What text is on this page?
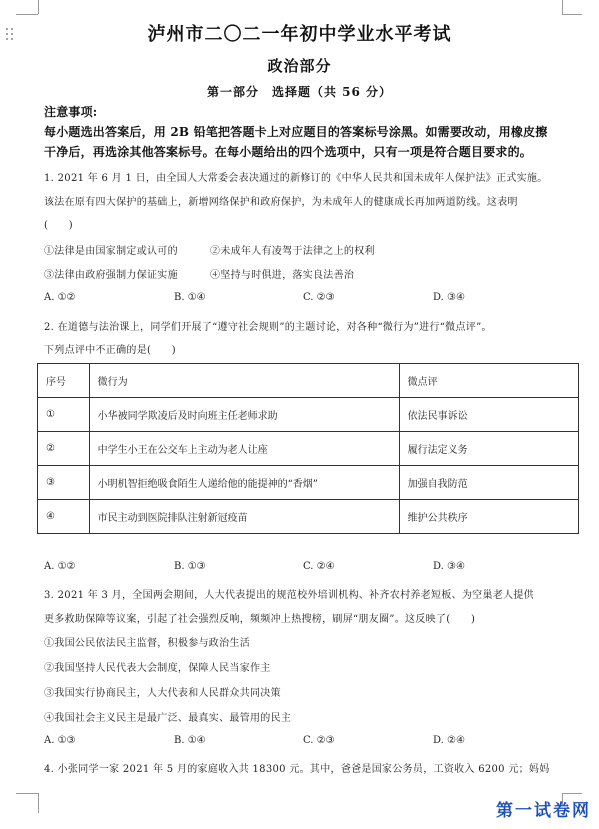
泸州市二〇二一年初中学业水平考试
政治部分
第一部分　选择题（共 56 分）
注意事项:
每小题选出答案后，用 2B 铅笔把答题卡上对应题目的答案标号涂黑。如需要改动，用橡皮擦
干净后，再选涂其他答案标号。在每小题给出的四个选项中，只有一项是符合题目要求的。
1. 2021 年 6 月 1 日，由全国人大常委会表决通过的新修订的《中华人民共和国未成年人保护法》正式实施。
该法在原有四大保护的基础上，新增网络保护和政府保护，为未成年人的健康成长再加两道防线。这表明
(　　)
①法律是由国家制定或认可的	②未成年人有凌驾于法律之上的权利
③法律由政府强制力保证实施	④坚持与时俱进，落实良法善治
A. ①②	B. ①④	C. ②③	D. ③④
2. 在道德与法治课上，同学们开展了“遵守社会规则”的主题讨论，对各种“微行为”进行“微点评”。
下列点评中不正确的是(　　)
序号	微行为	微点评
①	小华被同学欺凌后及时向班主任老师求助	依法民事诉讼
②	中学生小王在公交车上主动为老人让座	履行法定义务
③	小明机智拒绝吸食陌生人递给他的能提神的“香烟”	加强自我防范
④	市民主动到医院排队注射新冠疫苗	维护公共秩序
A. ①②	B. ①③	C. ②④	D. ③④
3. 2021 年 3 月，全国两会期间，人大代表提出的规范校外培训机构、补齐农村养老短板、为空巢老人提供
更多救助保障等议案，引起了社会强烈反响，频频冲上热搜榜，刷屏“朋友圈”。这反映了(　　)
①我国公民依法民主监督，积极参与政治生活
②我国坚持人民代表大会制度，保障人民当家作主
③我国实行协商民主，人大代表和人民群众共同决策
④我国社会主义民主是最广泛、最真实、最管用的民主
A. ①③	B. ①④	C. ②③	D. ②④
4. 小张同学一家 2021 年 5 月的家庭收入共 18300 元。其中，爸爸是国家公务员，工资收入 6200 元；妈妈
第一试卷网
